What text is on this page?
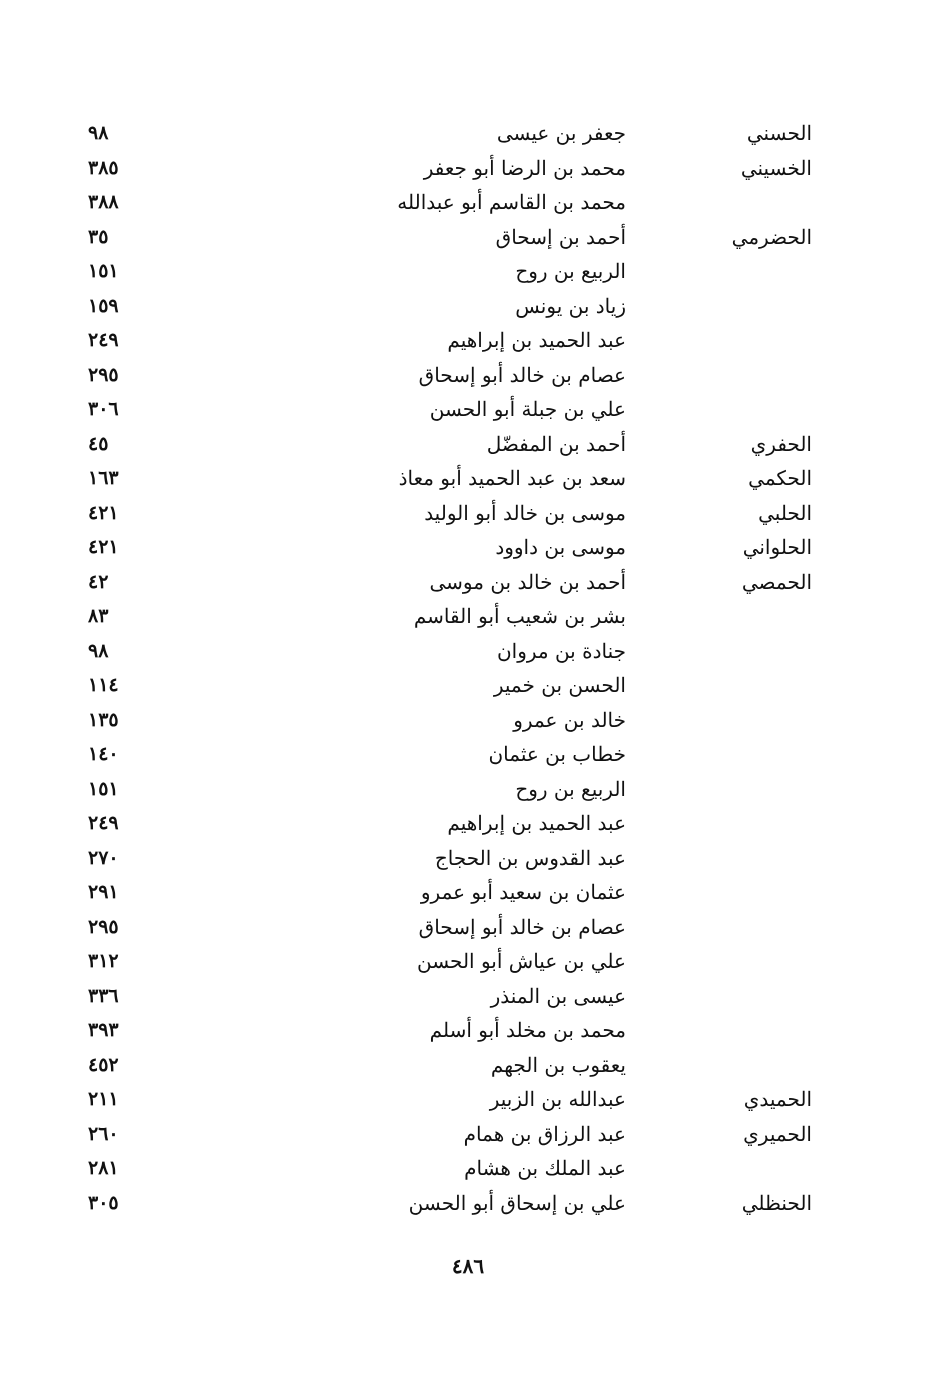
الحسني
جعفر بن عيسى
٩٨
الخسيني
محمد بن الرضا أبو جعفر
٣٨٥
محمد بن القاسم أبو عبدالله
٣٨٨
الحضرمي
أحمد بن إسحاق
٣٥
الربيع بن روح
١٥١
زياد بن يونس
١٥٩
عبد الحميد بن إبراهيم
٢٤٩
عصام بن خالد أبو إسحاق
٢٩٥
علي بن جبلة أبو الحسن
٣٠٦
الحفري
أحمد بن المفضّل
٤٥
الحكمي
سعد بن عبد الحميد أبو معاذ
١٦٣
الحلبي
موسى بن خالد أبو الوليد
٤٢١
الحلواني
موسى بن داوود
٤٢١
الحمصي
أحمد بن خالد بن موسى
٤٢
بشر بن شعيب أبو القاسم
٨٣
جنادة بن مروان
٩٨
الحسن بن خمير
١١٤
خالد بن عمرو
١٣٥
خطاب بن عثمان
١٤٠
الربيع بن روح
١٥١
عبد الحميد بن إبراهيم
٢٤٩
عبد القدوس بن الحجاج
٢٧٠
عثمان بن سعيد أبو عمرو
٢٩١
عصام بن خالد أبو إسحاق
٢٩٥
علي بن عياش أبو الحسن
٣١٢
عيسى بن المنذر
٣٣٦
محمد بن مخلد أبو أسلم
٣٩٣
يعقوب بن الجهم
٤٥٢
الحميدي
عبدالله بن الزبير
٢١١
الحميري
عبد الرزاق بن همام
٢٦٠
عبد الملك بن هشام
٢٨١
الحنظلي
علي بن إسحاق أبو الحسن
٣٠٥
٤٨٦
